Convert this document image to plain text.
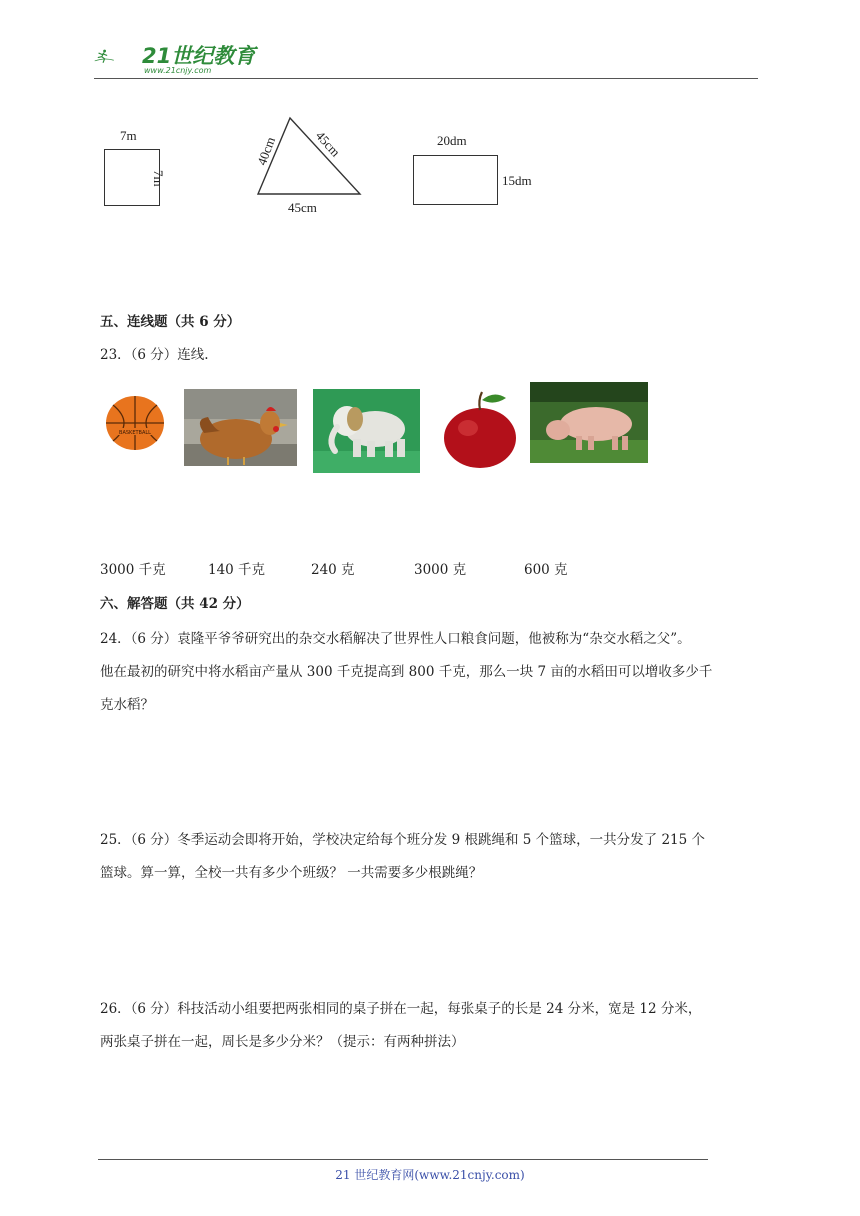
21世纪教育
www.21cnjy.com
7m
7m
40cm	45cm
45cm
20dm
15dm
五、连线题（共 6 分）
23．（6 分）连线.
BASKETBALL
3000 千克	140 千克	240 克	3000 克	600 克
六、解答题（共 42 分）
24．（6 分）袁隆平爷爷研究出的杂交水稻解决了世界性人口粮食问题，他被称为“杂交水稻之父”。
他在最初的研究中将水稻亩产量从 300 千克提高到 800 千克，那么一块 7 亩的水稻田可以增收多少千
克水稻？
25．（6 分）冬季运动会即将开始，学校决定给每个班分发 9 根跳绳和 5 个篮球，一共分发了 215 个
篮球。算一算，全校一共有多少个班级？ 一共需要多少根跳绳？
26．（6 分）科技活动小组要把两张相同的桌子拼在一起，每张桌子的长是 24 分米，宽是 12 分米，
两张桌子拼在一起，周长是多少分米？（提示：有两种拼法）
21 世纪教育网(www.21cnjy.com)
